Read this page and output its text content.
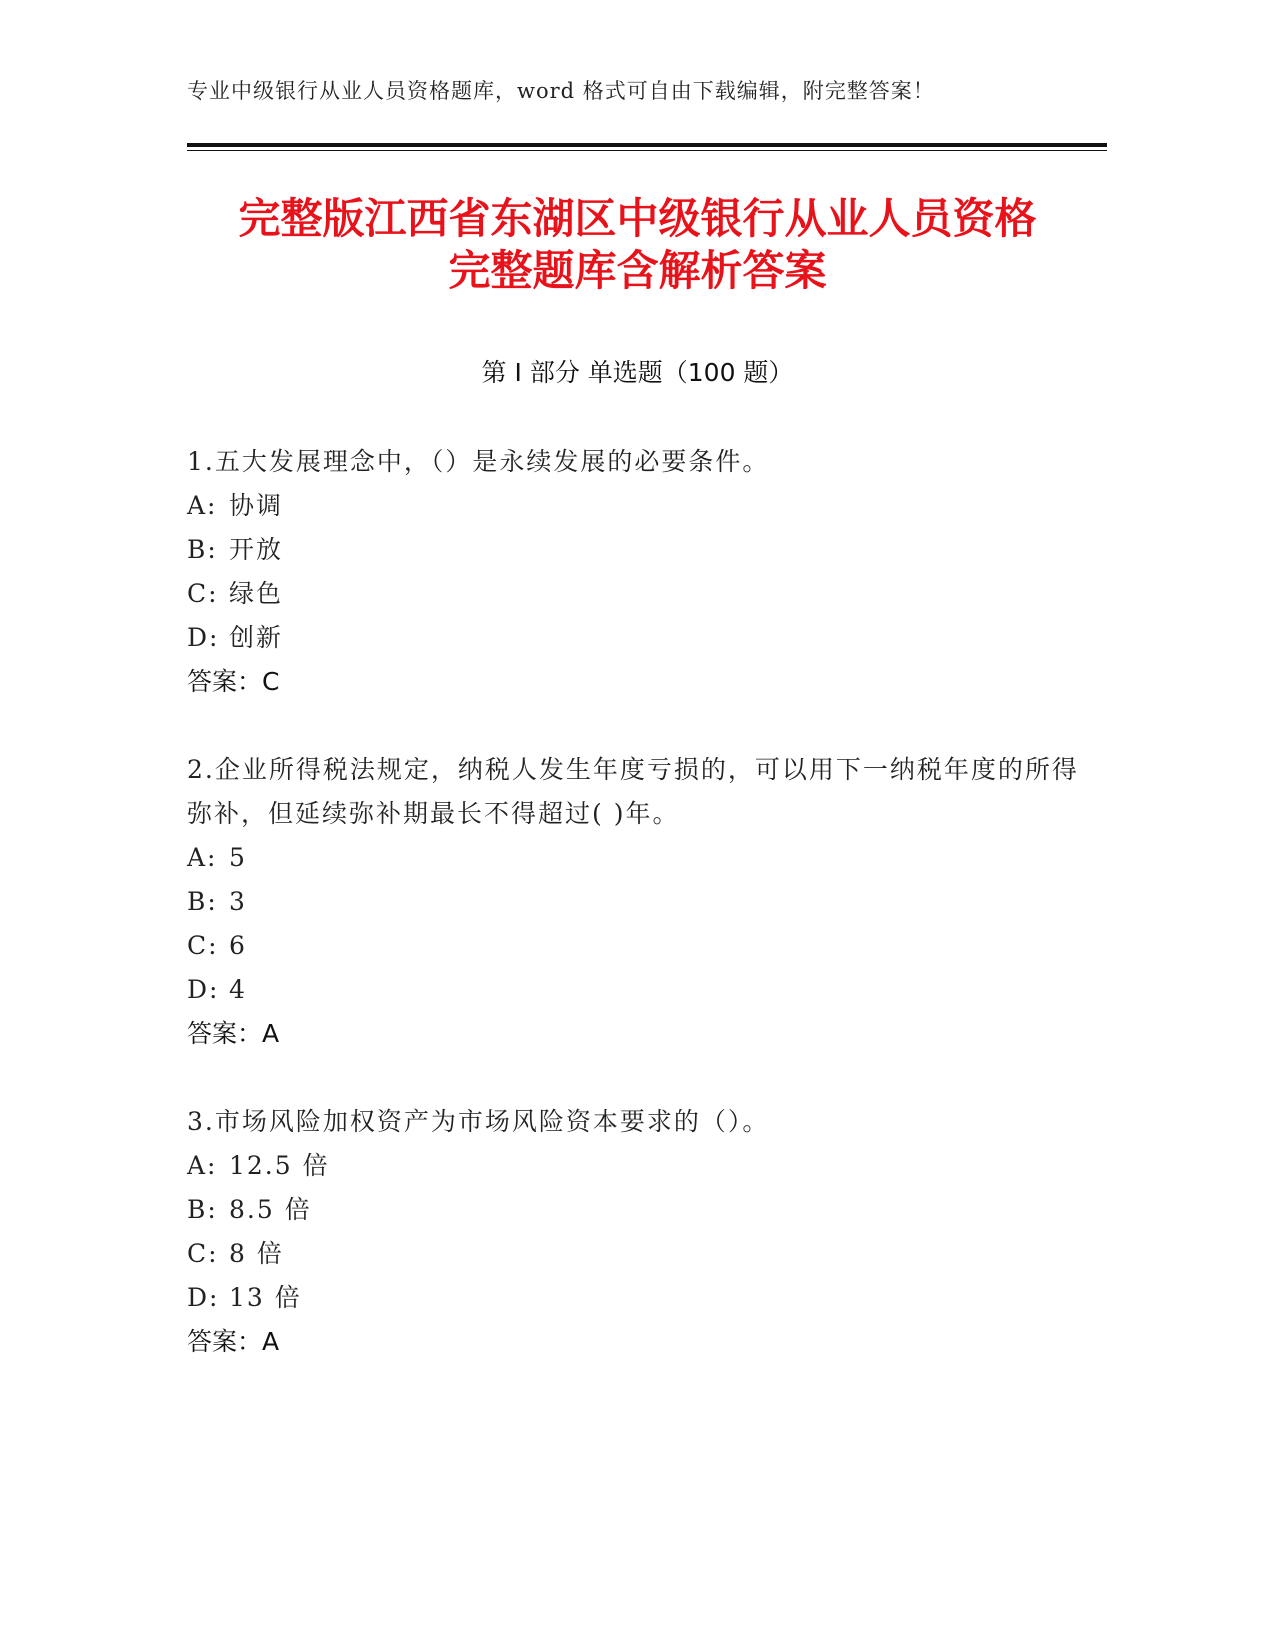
专业中级银行从业人员资格题库，word 格式可自由下载编辑，附完整答案！
完整版江西省东湖区中级银行从业人员资格
完整题库含解析答案
第 I 部分 单选题（100 题）
1.五大发展理念中，（）是永续发展的必要条件。
A: 协调
B: 开放
C: 绿色
D: 创新
答案：C
2.企业所得税法规定，纳税人发生年度亏损的，可以用下一纳税年度的所得弥补，但延续弥补期最长不得超过( )年。
A: 5
B: 3
C: 6
D: 4
答案：A
3.市场风险加权资产为市场风险资本要求的（）。
A: 12.5 倍
B: 8.5 倍
C: 8 倍
D: 13 倍
答案：A
